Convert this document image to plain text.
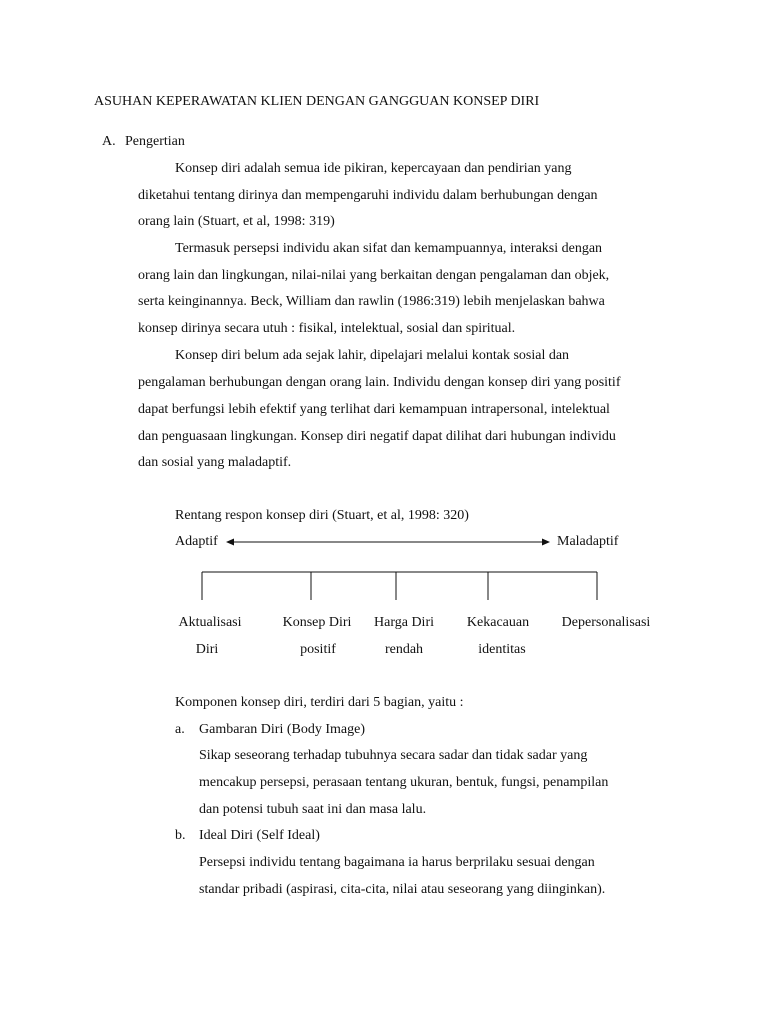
ASUHAN KEPERAWATAN KLIEN DENGAN GANGGUAN KONSEP DIRI
A. Pengertian
Konsep diri adalah semua ide pikiran, kepercayaan dan pendirian yang
diketahui tentang dirinya dan mempengaruhi individu dalam berhubungan dengan
orang lain (Stuart, et al, 1998: 319)
Termasuk persepsi individu akan sifat dan kemampuannya, interaksi dengan
orang lain dan lingkungan, nilai-nilai yang berkaitan dengan pengalaman dan objek,
serta keinginannya. Beck, William dan rawlin (1986:319) lebih menjelaskan bahwa
konsep dirinya secara utuh : fisikal, intelektual, sosial dan spiritual.
Konsep diri belum ada sejak lahir, dipelajari melalui kontak sosial dan
pengalaman berhubungan dengan orang lain. Individu dengan konsep diri yang positif
dapat berfungsi lebih efektif yang terlihat dari kemampuan intrapersonal, intelektual
dan penguasaan lingkungan. Konsep diri negatif dapat dilihat dari hubungan individu
dan sosial yang maladaptif.
Rentang respon konsep diri (Stuart, et al, 1998: 320)
Adaptif	Maladaptif
Aktualisasi
Diri
Konsep Diri
positif
Harga Diri
rendah
Kekacauan
identitas
Depersonalisasi
Komponen konsep diri, terdiri dari 5 bagian, yaitu :
a. Gambaran Diri (Body Image)
Sikap seseorang terhadap tubuhnya secara sadar dan tidak sadar yang
mencakup persepsi, perasaan tentang ukuran, bentuk, fungsi, penampilan
dan potensi tubuh saat ini dan masa lalu.
b. Ideal Diri (Self Ideal)
Persepsi individu tentang bagaimana ia harus berprilaku sesuai dengan
standar pribadi (aspirasi, cita-cita, nilai atau seseorang yang diinginkan).
